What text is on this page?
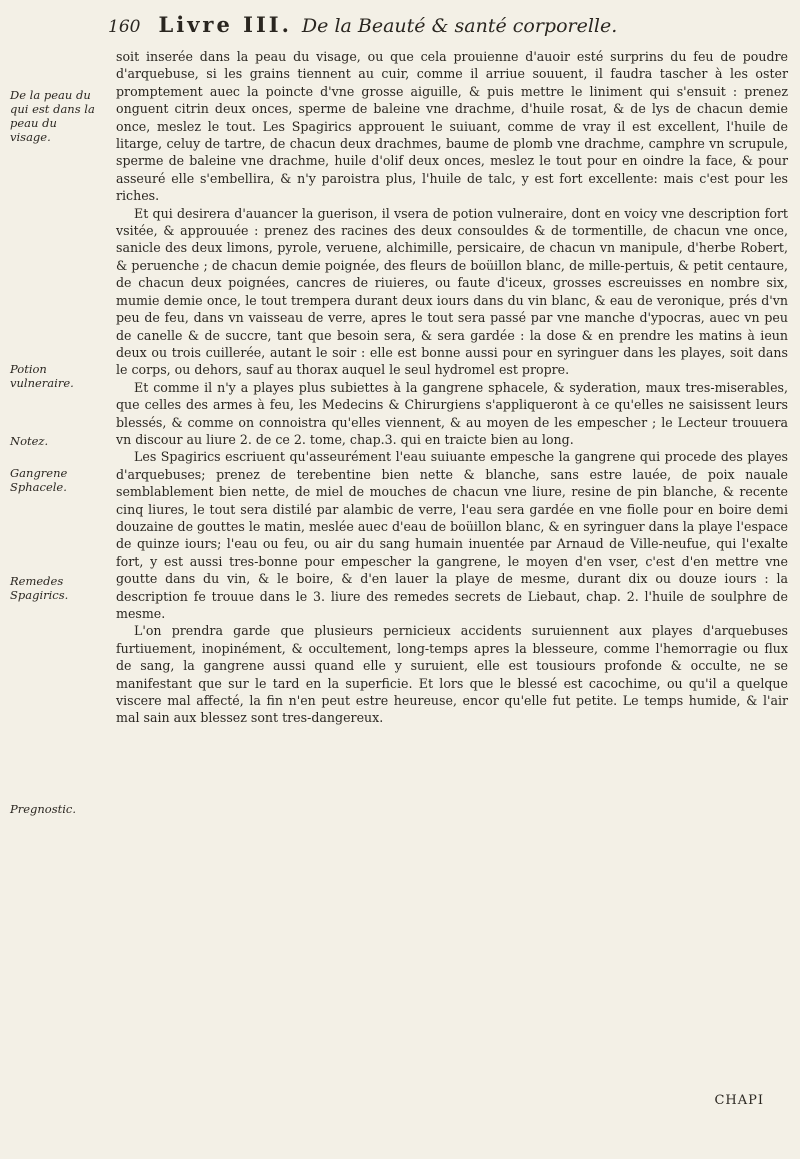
160 Livre III. De la Beauté & santé corporelle.
De la peau du qui est dans la peau du visage.
Potion vulneraire.
Notez.
Gangrene Sphacele.
Remedes Spagirics.
Pregnostic.

soit inserée dans la peau du visage, ou que cela prouienne d'auoir esté surprins du feu de poudre d'arquebuse, si les grains tiennent au cuir, comme il arriue souuent, il faudra tascher à les oster promptement auec la poincte d'vne grosse aiguille, & puis mettre le liniment qui s'ensuit : prenez onguent citrin deux onces, sperme de baleine vne drachme, d'huile rosat, & de lys de chacun demie once, meslez le tout. Les Spagirics approuent le suiuant, comme de vray il est excellent, l'huile de litarge, celuy de tartre, de chacun deux drachmes, baume de plomb vne drachme, camphre vn scrupule, sperme de baleine vne drachme, huile d'olif deux onces, meslez le tout pour en oindre la face, & pour asseuré elle s'embellira, & n'y paroistra plus, l'huile de talc, y est fort excellente: mais c'est pour les riches.

Et qui desirera d'auancer la guerison, il vsera de potion vulneraire, dont en voicy vne description fort vsitée, & approuuée : prenez des racines des deux consouldes & de tormentille, de chacun vne once, sanicle des deux limons, pyrole, veruene, alchimille, persicaire, de chacun vn manipule, d'herbe Robert, & peruenche ; de chacun demie poignée, des fleurs de boüillon blanc, de mille-pertuis, & petit centaure, de chacun deux poignées, cancres de riuieres, ou faute d'iceux, grosses escreuisses en nombre six, mumie demie once, le tout trempera durant deux iours dans du vin blanc, & eau de veronique, prés d'vn peu de feu, dans vn vaisseau de verre, apres le tout sera passé par vne manche d'ypocras, auec vn peu de canelle & de succre, tant que besoin sera, & sera gardée : la dose & en prendre les matins à ieun deux ou trois cuillerée, autant le soir : elle est bonne aussi pour en syringuer dans les playes, soit dans le corps, ou dehors, sauf au thorax auquel le seul hydromel est propre.

Et comme il n'y a playes plus subiettes à la gangrene sphacele, & syderation, maux tres-miserables, que celles des armes à feu, les Medecins & Chirurgiens s'appliqueront à ce qu'elles ne saisissent leurs blessés, & comme on connoistra qu'elles viennent, & au moyen de les empescher ; le Lecteur trouuera vn discour au liure 2. de ce 2. tome, chap.3. qui en traicte bien au long.

Les Spagirics escriuent qu'asseurément l'eau suiuante empesche la gangrene qui procede des playes d'arquebuses; prenez de terebentine bien nette & blanche, sans estre lauée, de poix nauale semblablement bien nette, de miel de mouches de chacun vne liure, resine de pin blanche, & recente cinq liures, le tout sera distilé par alambic de verre, l'eau sera gardée en vne fiolle pour en boire demi douzaine de gouttes le matin, meslée auec d'eau de boüillon blanc, & en syringuer dans la playe l'espace de quinze iours; l'eau ou feu, ou air du sang humain inuentée par Arnaud de Ville-neufue, qui l'exalte fort, y est aussi tres-bonne pour empescher la gangrene, le moyen d'en vser, c'est d'en mettre vne goutte dans du vin, & le boire, & d'en lauer la playe de mesme, durant dix ou douze iours : la description fe trouue dans le 3. liure des remedes secrets de Liebaut, chap. 2. l'huile de soulphre de mesme.

L'on prendra garde que plusieurs pernicieux accidents suruiennent aux playes d'arquebuses furtiuement, inopinément, & occultement, long-temps apres la blesseure, comme l'hemorragie ou flux de sang, la gangrene aussi quand elle y suruient, elle est tousiours profonde & occulte, ne se manifestant que sur le tard en la superficie. Et lors que le blessé est cacochime, ou qu'il a quelque viscere mal affecté, la fin n'en peut estre heureuse, encor qu'elle fut petite. Le temps humide, & l'air mal sain aux blessez sont tres-dangereux.

CHAPI
